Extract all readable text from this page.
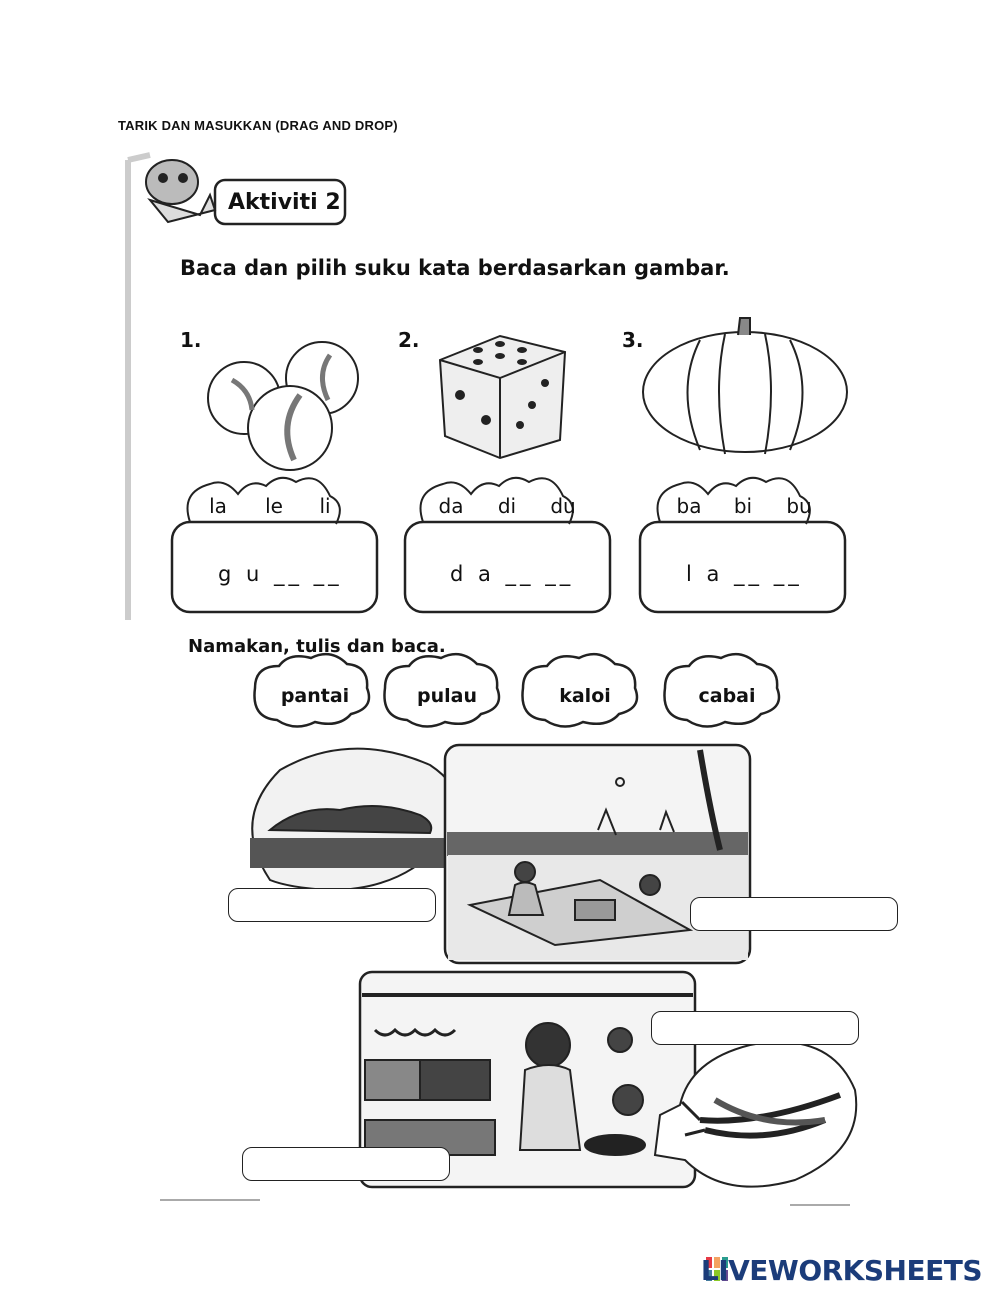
TARIK DAN MASUKKAN (DRAG AND DROP)
Aktiviti 2
Baca dan pilih suku kata berdasarkan gambar.
1.	2.	3.
la	le	li	da	di	du	ba	bi	bu
g u __ __	d a __ __	l a __ __
Namakan, tulis dan baca.
pantai	pulau	kaloi	cabai
LIVEWORKSHEETS
